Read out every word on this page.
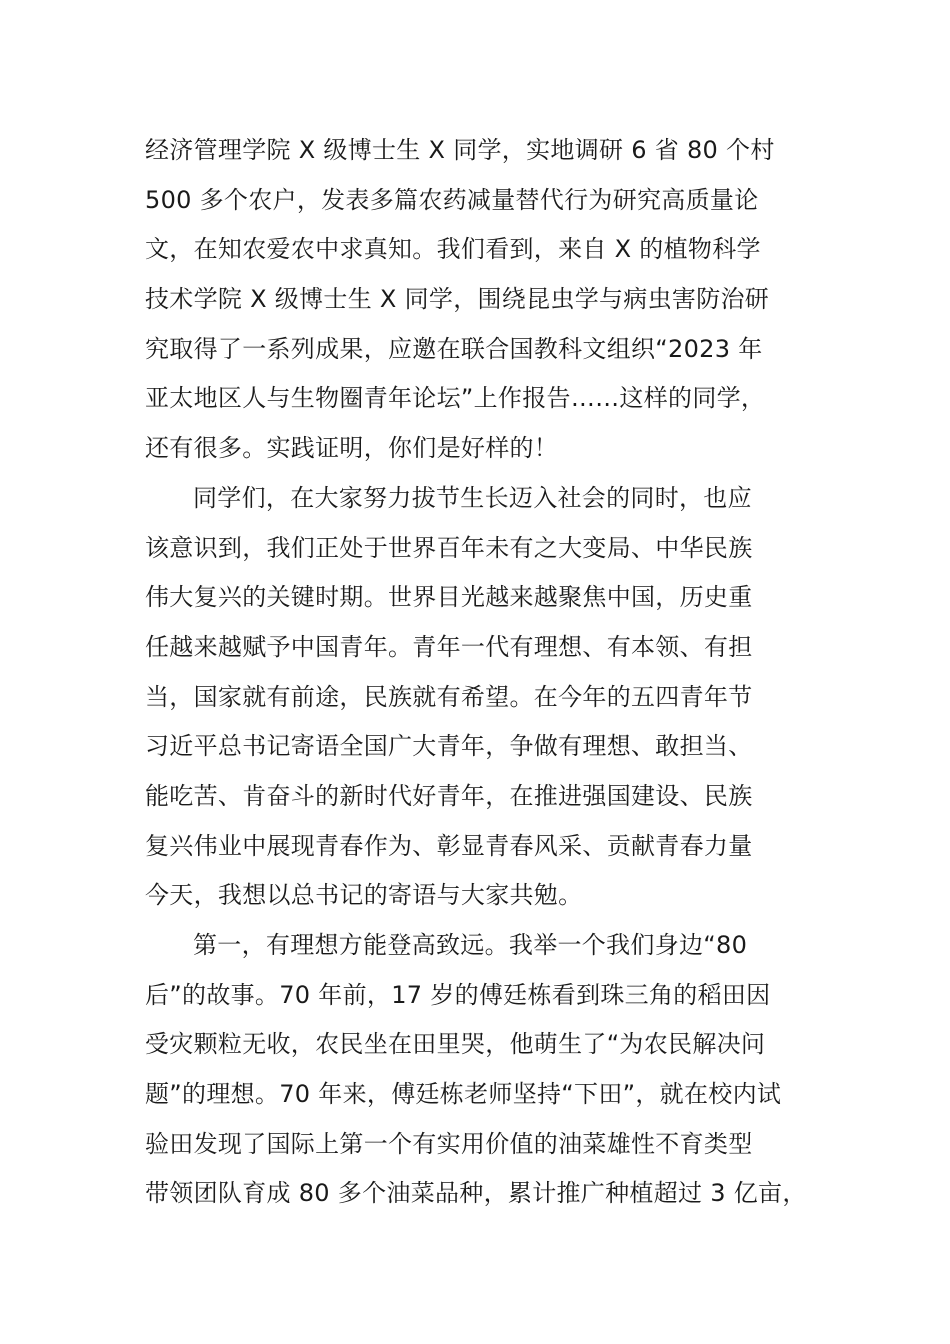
经济管理学院 X 级博士生 X 同学，实地调研 6 省 80 个村
500 多个农户，发表多篇农药减量替代行为研究高质量论
文，在知农爱农中求真知。我们看到，来自 X 的植物科学
技术学院 X 级博士生 X 同学，围绕昆虫学与病虫害防治研
究取得了一系列成果，应邀在联合国教科文组织“2023 年
亚太地区人与生物圈青年论坛”上作报告……这样的同学，
还有很多。实践证明，你们是好样的！
同学们，在大家努力拔节生长迈入社会的同时，也应
该意识到，我们正处于世界百年未有之大变局、中华民族
伟大复兴的关键时期。世界目光越来越聚焦中国，历史重
任越来越赋予中国青年。青年一代有理想、有本领、有担
当，国家就有前途，民族就有希望。在今年的五四青年节
习近平总书记寄语全国广大青年，争做有理想、敢担当、
能吃苦、肯奋斗的新时代好青年，在推进强国建设、民族
复兴伟业中展现青春作为、彰显青春风采、贡献青春力量
今天，我想以总书记的寄语与大家共勉。
第一，有理想方能登高致远。我举一个我们身边“80
后”的故事。70 年前，17 岁的傅廷栋看到珠三角的稻田因
受灾颗粒无收，农民坐在田里哭，他萌生了“为农民解决问
题”的理想。70 年来，傅廷栋老师坚持“下田”，就在校内试
验田发现了国际上第一个有实用价值的油菜雄性不育类型
带领团队育成 80 多个油菜品种，累计推广种植超过 3 亿亩，
